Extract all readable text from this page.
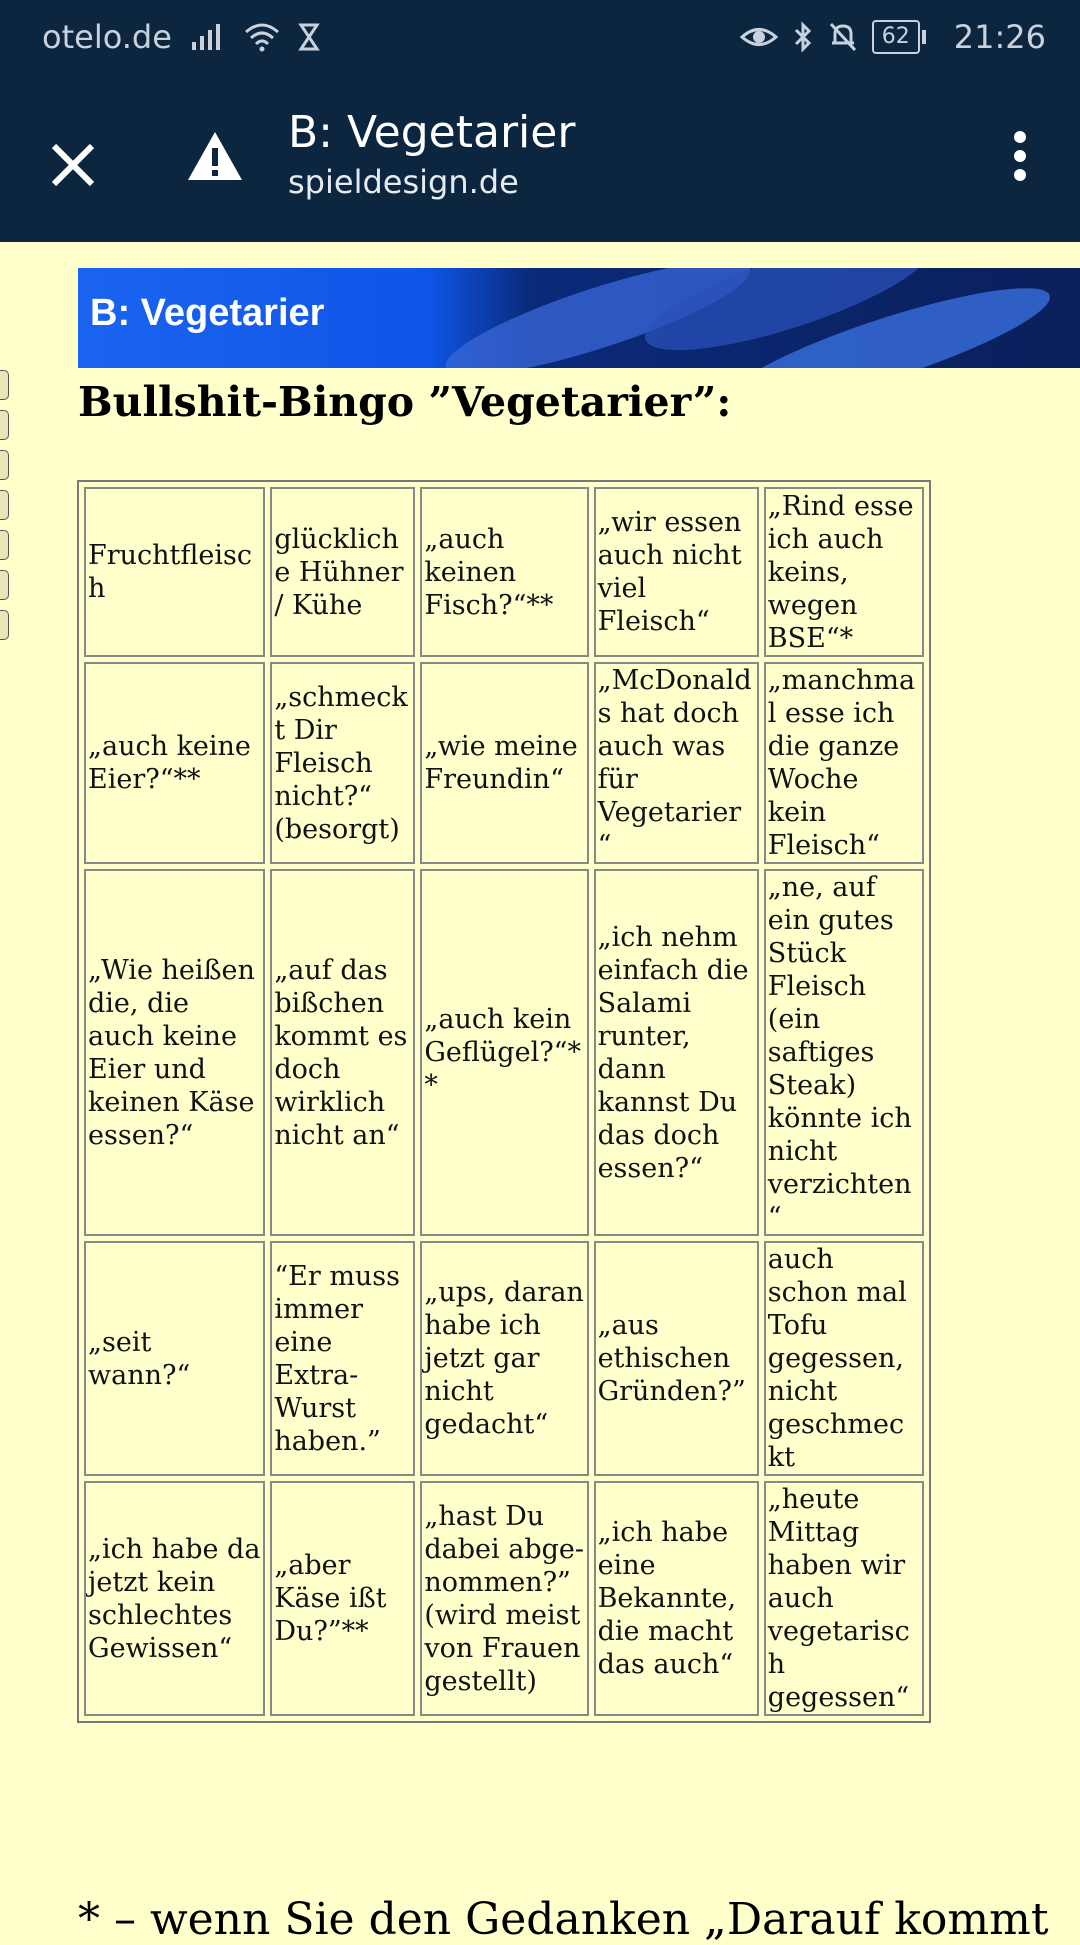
otelo.de	62	21:26
B: Vegetarier
spieldesign.de
B: Vegetarier
Bullshit-Bingo ”Vegetarier”:
Fruchtfleisch	glückliche Hühner / Kühe	„auch keinen Fisch?“**	„wir essen auch nicht viel Fleisch“	„Rind esse ich auch keins, wegen BSE“*
„auch keine Eier?“**	„schmeckt Dir Fleisch nicht?“ (besorgt)	„wie meine Freundin“	„McDonalds hat doch auch was für Vegetarier“	„manchmal esse ich die ganze Woche kein Fleisch“
„Wie heißen die, die auch keine Eier und keinen Käse essen?“	„auf das bißchen kommt es doch wirklich nicht an“	„auch kein Geflügel?“**	„ich nehm einfach die Salami runter, dann kannst Du das doch essen?“	„ne, auf ein gutes Stück Fleisch (ein saftiges Steak) könnte ich nicht verzichten“
„seit wann?“	“Er muss immer eine Extra-Wurst haben.”	„ups, daran habe ich jetzt gar nicht gedacht“	„aus ethischen Gründen?”	auch schon mal Tofu gegessen, nicht geschmeckt
„ich habe da jetzt kein schlechtes Gewissen“	„aber Käse ißt Du?”**	„hast Du dabei abge-nommen?” (wird meist von Frauen gestellt)	„ich habe eine Bekannte, die macht das auch“	„heute Mittag haben wir auch vegetarisch gegessen“
* – wenn Sie den Gedanken „Darauf kommt
